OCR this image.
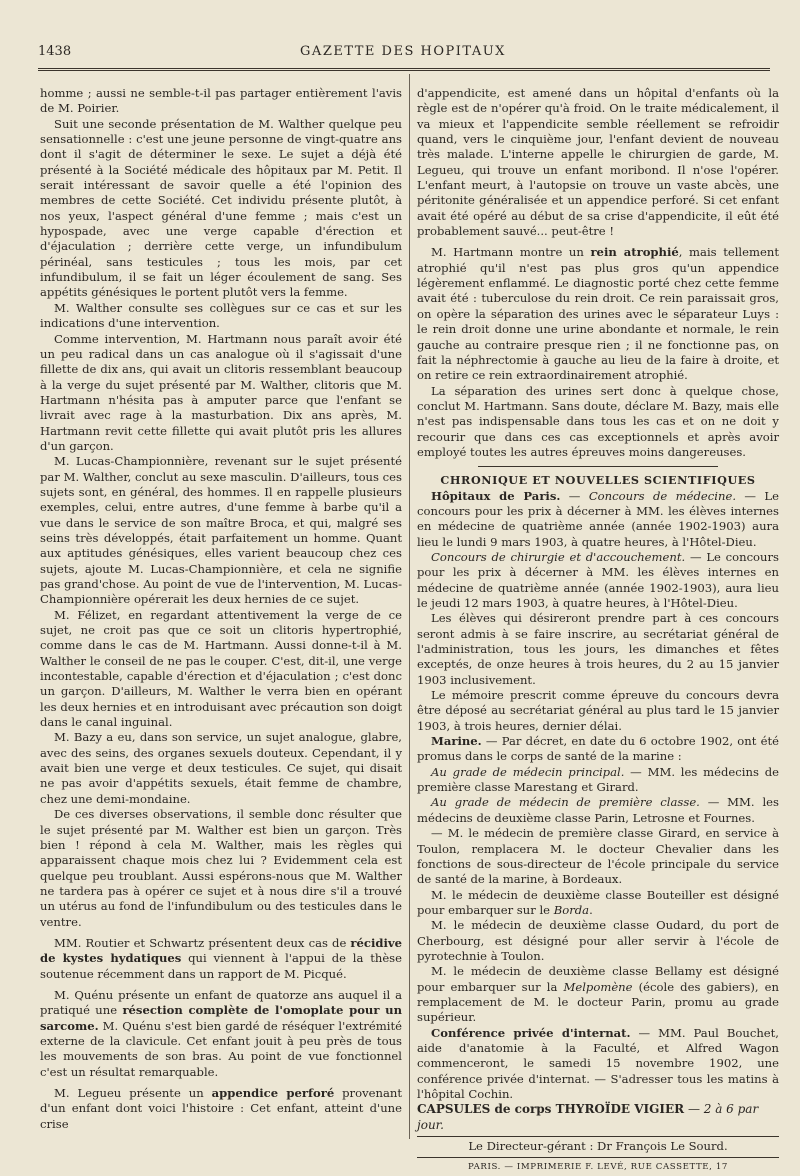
1438	GAZETTE DES HOPITAUX

homme ; aussi ne semble-t-il pas partager entièrement l'avis de M. Poirier.

Suit une seconde présentation de M. Walther quelque peu sensationnelle : c'est une jeune personne de vingt-quatre ans dont il s'agit de déterminer le sexe. Le sujet a déjà été présenté à la Société médicale des hôpitaux par M. Petit. Il serait intéressant de savoir quelle a été l'opinion des membres de cette Société. Cet individu présente plutôt, à nos yeux, l'aspect général d'une femme ; mais c'est un hypospade, avec une verge capable d'érection et d'éjaculation ; derrière cette verge, un infundibulum périnéal, sans testicules ; tous les mois, par cet infundibulum, il se fait un léger écoulement de sang. Ses appétits génésiques le portent plutôt vers la femme.

M. Walther consulte ses collègues sur ce cas et sur les indications d'une intervention.

Comme intervention, M. Hartmann nous paraît avoir été un peu radical dans un cas analogue où il s'agissait d'une fillette de dix ans, qui avait un clitoris ressemblant beaucoup à la verge du sujet présenté par M. Walther, clitoris que M. Hartmann n'hésita pas à amputer parce que l'enfant se livrait avec rage à la masturbation. Dix ans après, M. Hartmann revit cette fillette qui avait plutôt pris les allures d'un garçon.

M. Lucas-Championnière, revenant sur le sujet présenté par M. Walther, conclut au sexe masculin. D'ailleurs, tous ces sujets sont, en général, des hommes. Il en rappelle plusieurs exemples, celui, entre autres, d'une femme à barbe qu'il a vue dans le service de son maître Broca, et qui, malgré ses seins très développés, était parfaitement un homme. Quant aux aptitudes génésiques, elles varient beaucoup chez ces sujets, ajoute M. Lucas-Championnière, et cela ne signifie pas grand'chose. Au point de vue de l'intervention, M. Lucas-Championnière opérerait les deux hernies de ce sujet.

M. Félizet, en regardant attentivement la verge de ce sujet, ne croit pas que ce soit un clitoris hypertrophié, comme dans le cas de M. Hartmann. Aussi donne-t-il à M. Walther le conseil de ne pas le couper. C'est, dit-il, une verge incontestable, capable d'érection et d'éjaculation ; c'est donc un garçon. D'ailleurs, M. Walther le verra bien en opérant les deux hernies et en introduisant avec précaution son doigt dans le canal inguinal.

M. Bazy a eu, dans son service, un sujet analogue, glabre, avec des seins, des organes sexuels douteux. Cependant, il y avait bien une verge et deux testicules. Ce sujet, qui disait ne pas avoir d'appétits sexuels, était femme de chambre, chez une demi-mondaine.

De ces diverses observations, il semble donc résulter que le sujet présenté par M. Walther est bien un garçon. Très bien ! répond à cela M. Walther, mais les règles qui apparaissent chaque mois chez lui ? Evidemment cela est quelque peu troublant. Aussi espérons-nous que M. Walther ne tardera pas à opérer ce sujet et à nous dire s'il a trouvé un utérus au fond de l'infundibulum ou des testicules dans le ventre.

MM. Routier et Schwartz présentent deux cas de récidive de kystes hydatiques qui viennent à l'appui de la thèse soutenue récemment dans un rapport de M. Picqué.

M. Quénu présente un enfant de quatorze ans auquel il a pratiqué une résection complète de l'omoplate pour un sarcome. M. Quénu s'est bien gardé de réséquer l'extrémité externe de la clavicule. Cet enfant jouit à peu près de tous les mouvements de son bras. Au point de vue fonctionnel c'est un résultat remarquable.

M. Legueu présente un appendice perforé provenant d'un enfant dont voici l'histoire : Cet enfant, atteint d'une crise

d'appendicite, est amené dans un hôpital d'enfants où la règle est de n'opérer qu'à froid. On le traite médicalement, il va mieux et l'appendicite semble réellement se refroidir quand, vers le cinquième jour, l'enfant devient de nouveau très malade. L'interne appelle le chirurgien de garde, M. Legueu, qui trouve un enfant moribond. Il n'ose l'opérer. L'enfant meurt, à l'autopsie on trouve un vaste abcès, une péritonite généralisée et un appendice perforé. Si cet enfant avait été opéré au début de sa crise d'appendicite, il eût été probablement sauvé... peut-être !

M. Hartmann montre un rein atrophié, mais tellement atrophié qu'il n'est pas plus gros qu'un appendice légèrement enflammé. Le diagnostic porté chez cette femme avait été : tuberculose du rein droit. Ce rein paraissait gros, on opère la séparation des urines avec le séparateur Luys : le rein droit donne une urine abondante et normale, le rein gauche au contraire presque rien ; il ne fonctionne pas, on fait la néphrectomie à gauche au lieu de la faire à droite, et on retire ce rein extraordinairement atrophié.

La séparation des urines sert donc à quelque chose, conclut M. Hartmann. Sans doute, déclare M. Bazy, mais elle n'est pas indispensable dans tous les cas et on ne doit y recourir que dans ces cas exceptionnels et après avoir employé toutes les autres épreuves moins dangereuses.

CHRONIQUE ET NOUVELLES SCIENTIFIQUES

Hôpitaux de Paris. — Concours de médecine. — Le concours pour les prix à décerner à MM. les élèves internes en médecine de quatrième année (année 1902-1903) aura lieu le lundi 9 mars 1903, à quatre heures, à l'Hôtel-Dieu.

Concours de chirurgie et d'accouchement. — Le concours pour les prix à décerner à MM. les élèves internes en médecine de quatrième année (année 1902-1903), aura lieu le jeudi 12 mars 1903, à quatre heures, à l'Hôtel-Dieu.

Les élèves qui désireront prendre part à ces concours seront admis à se faire inscrire, au secrétariat général de l'administration, tous les jours, les dimanches et fêtes exceptés, de onze heures à trois heures, du 2 au 15 janvier 1903 inclusivement.

Le mémoire prescrit comme épreuve du concours devra être déposé au secrétariat général au plus tard le 15 janvier 1903, à trois heures, dernier délai.

Marine. — Par décret, en date du 6 octobre 1902, ont été promus dans le corps de santé de la marine :

Au grade de médecin principal. — MM. les médecins de première classe Marestang et Girard.

Au grade de médecin de première classe. — MM. les médecins de deuxième classe Parin, Letrosne et Fournes.

— M. le médecin de première classe Girard, en service à Toulon, remplacera M. le docteur Chevalier dans les fonctions de sous-directeur de l'école principale du service de santé de la marine, à Bordeaux.

M. le médecin de deuxième classe Bouteiller est désigné pour embarquer sur le Borda.

M. le médecin de deuxième classe Oudard, du port de Cherbourg, est désigné pour aller servir à l'école de pyrotechnie à Toulon.

M. le médecin de deuxième classe Bellamy est désigné pour embarquer sur la Melpomène (école des gabiers), en remplacement de M. le docteur Parin, promu au grade supérieur.

Conférence privée d'internat. — MM. Paul Bouchet, aide d'anatomie à la Faculté, et Alfred Wagon commenceront, le samedi 15 novembre 1902, une conférence privée d'internat. — S'adresser tous les matins à l'hôpital Cochin.

CAPSULES de corps THYROÏDE VIGIER — 2 à 6 par jour.

Le Directeur-gérant : Dr François Le Sourd.

PARIS. — IMPRIMERIE F. LEVÉ, RUE CASSETTE, 17
